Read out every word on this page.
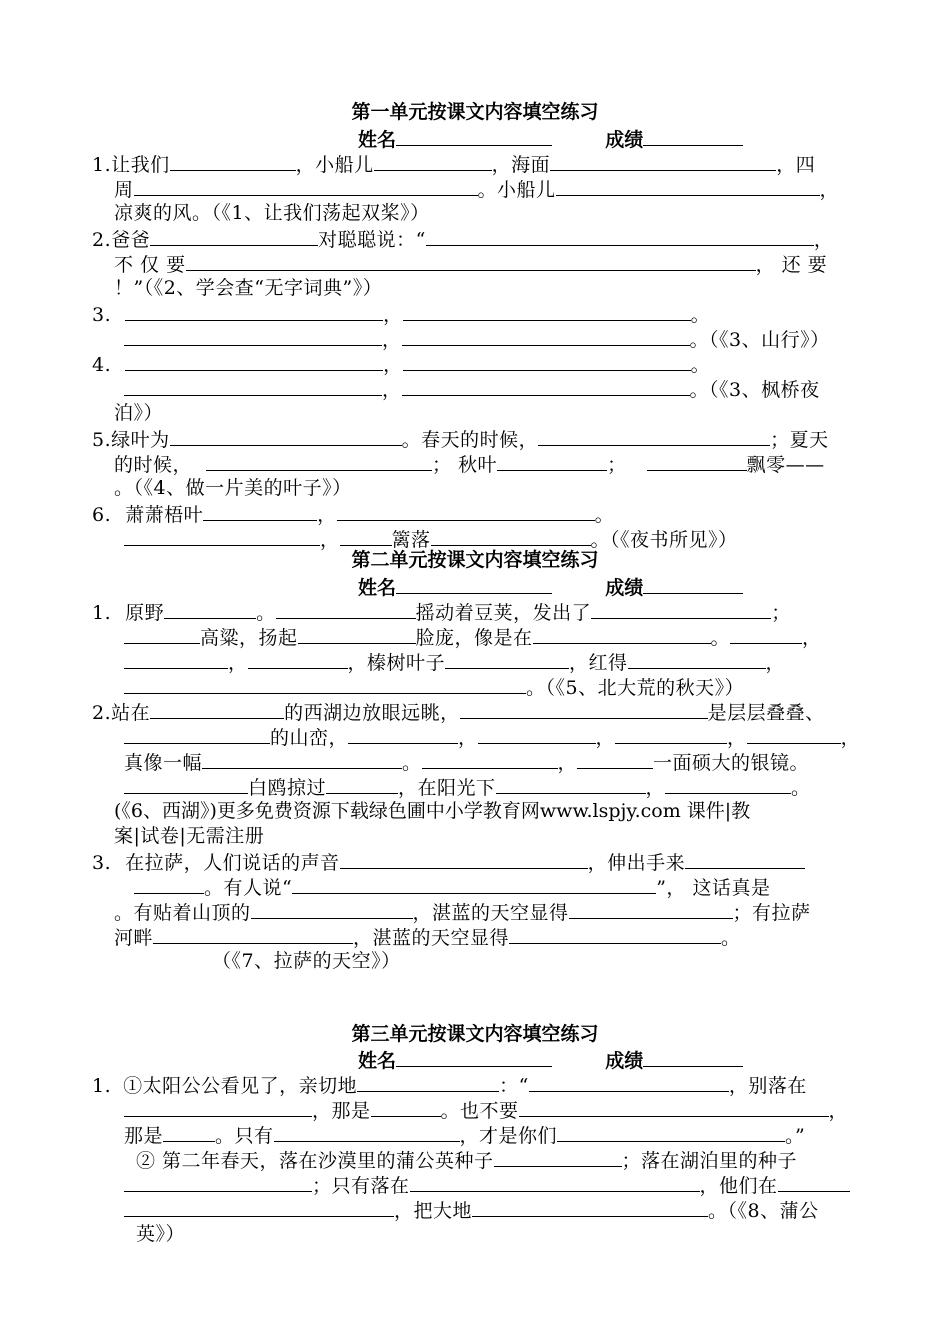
第一单元按课文内容填空练习
姓名	成绩
1.让我们	，小船儿	，海面	，四
周	。小船儿	，
凉爽的风。（《1、让我们荡起双桨》）
2.爸爸	对聪聪说：“	，
不 仅 要	， 还 要
！”（《2、学会查“无字词典”》）
3.	，	。
，	。（《3、山行》）
4.	，	。
，	。（《3、枫桥夜
泊》）
5.绿叶为	。春天的时候，	；夏天
的时候，	； 秋叶	；	飘零——
。（《4、做一片美的叶子》）
6. 萧萧梧叶	，	。
，	篱落	。（《夜书所见》）
第二单元按课文内容填空练习
姓名	成绩
1. 原野	。	摇动着豆荚，发出了	；
高粱，扬起	脸庞，像是在	。	，
，	，榛树叶子	，红得	，
。（《5、北大荒的秋天》）
2.站在	的西湖边放眼远眺，	是层层叠叠、
的山峦，	，	，	，	，
真像一幅	。	，	一面硕大的银镜。
白鸥掠过	，在阳光下	，	。
(《6、西湖》)更多免费资源下载绿色圃中小学教育网www.lspjy.com 课件|教
案|试卷|无需注册
3. 在拉萨，人们说话的声音	，伸出手来
。有人说“	”， 这话真是
。有贴着山顶的	，湛蓝的天空显得	；有拉萨
河畔	，湛蓝的天空显得	。
（《7、拉萨的天空》）
第三单元按课文内容填空练习
姓名	成绩
1. ①太阳公公看见了，亲切地	：“	，别落在
，那是	。也不要	，
那是	。只有	，才是你们	。”
② 第二年春天，落在沙漠里的蒲公英种子	；落在湖泊里的种子
；只有落在	，他们在
，把大地	。（《8、蒲公
英》）
